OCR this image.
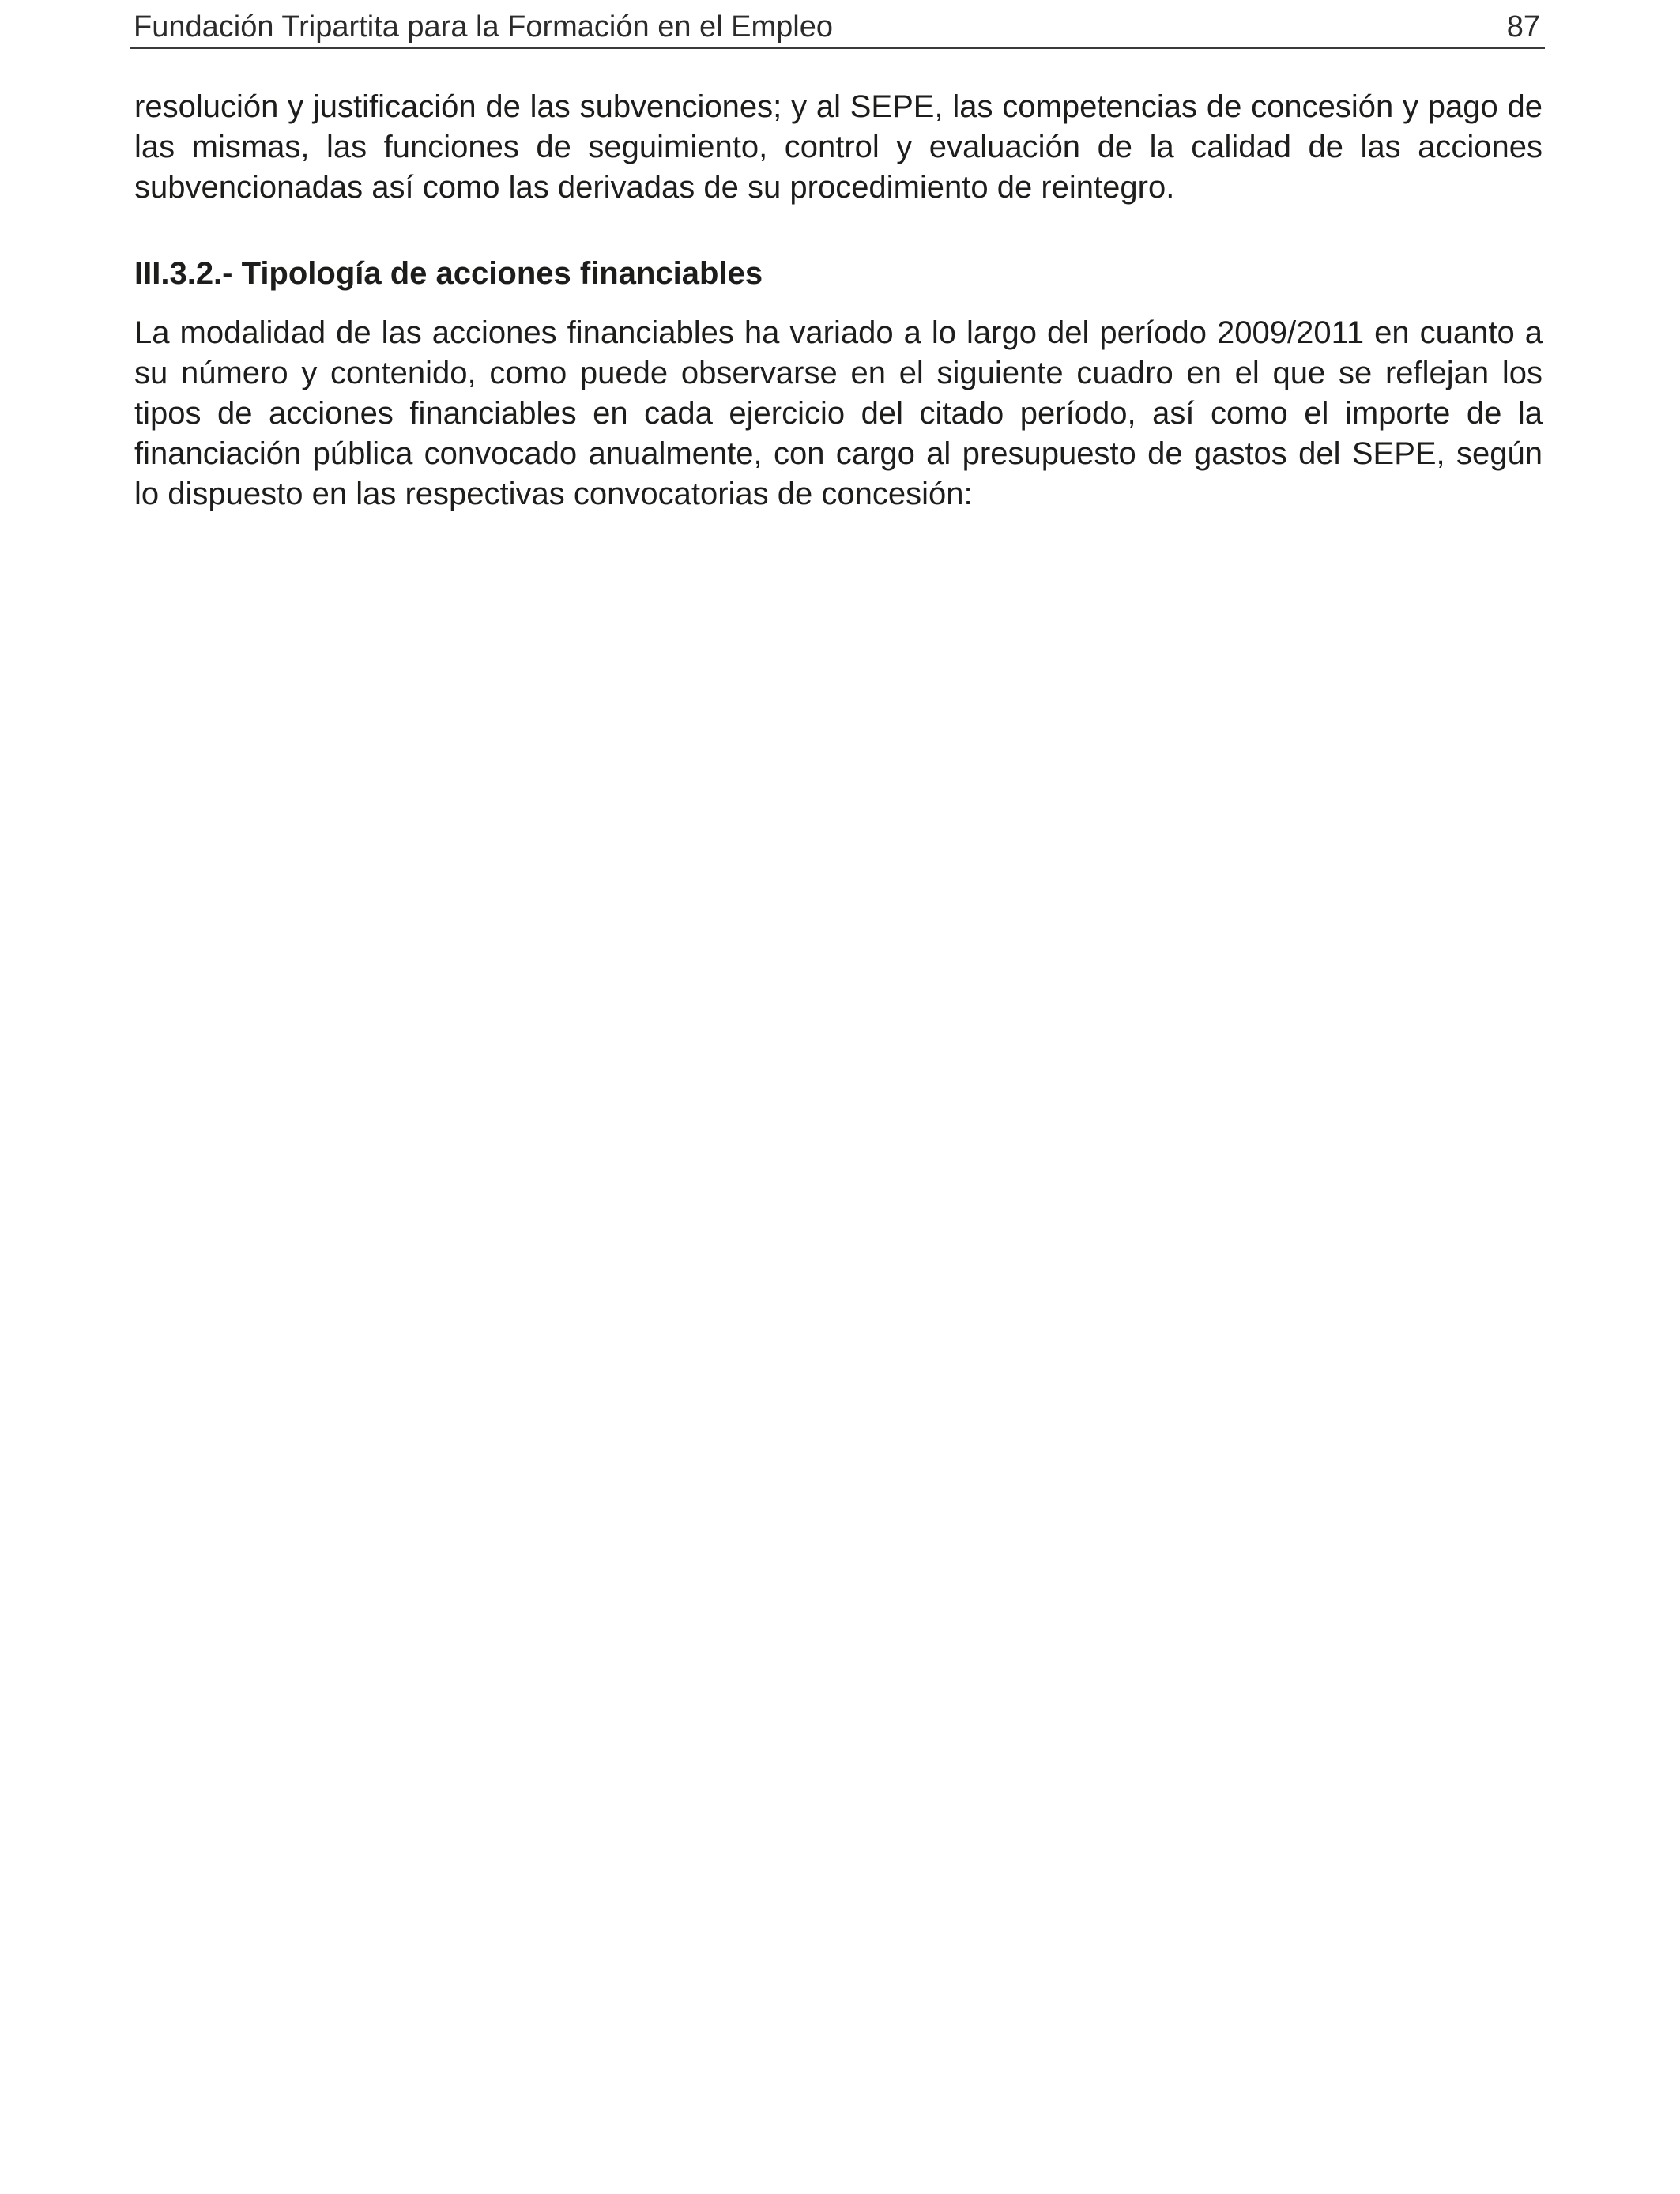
Fundación Tripartita para la Formación en el Empleo	87

resolución y justificación de las subvenciones; y al SEPE, las competencias de concesión y pago de las mismas, las funciones de seguimiento, control y evaluación de la calidad de las acciones subvencionadas así como las derivadas de su procedimiento de reintegro.

III.3.2.- Tipología de acciones financiables

La modalidad de las acciones financiables ha variado a lo largo del período 2009/2011 en cuanto a su número y contenido, como puede observarse en el siguiente cuadro en el que se reflejan los tipos de acciones financiables en cada ejercicio del citado período, así como el importe de la financiación pública convocado anualmente, con cargo al presupuesto de gastos del SEPE, según lo dispuesto en las respectivas convocatorias de concesión:
